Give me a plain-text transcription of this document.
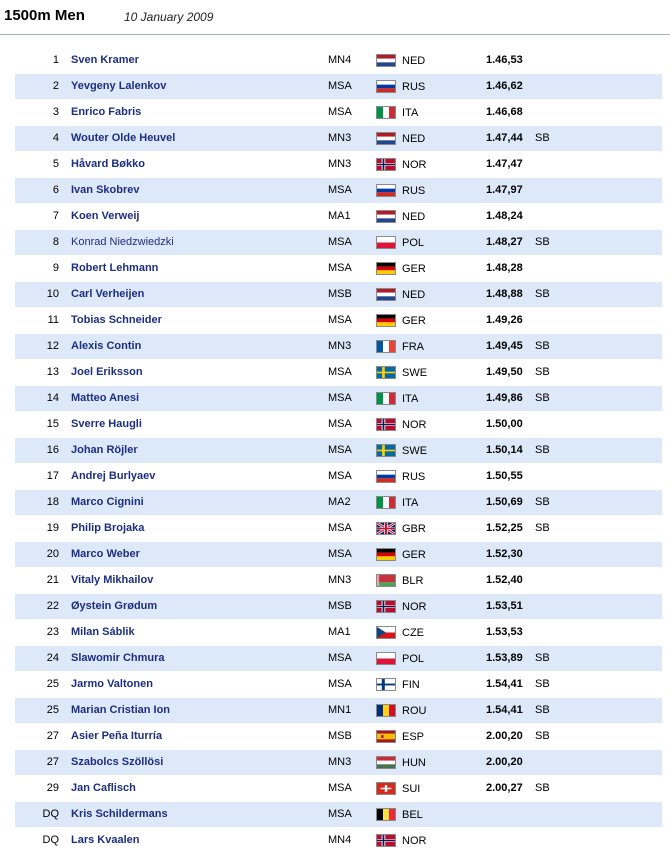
1500m Men	10 January 2009
1 Sven Kramer	MN4	NED	1.46,53
2 Yevgeny Lalenkov	MSA	RUS	1.46,62
3 Enrico Fabris	MSA	ITA	1.46,68
4 Wouter Olde Heuvel	MN3	NED	1.47,44 SB
5 Håvard Bøkko	MN3	NOR	1.47,47
6 Ivan Skobrev	MSA	RUS	1.47,97
7 Koen Verweij	MA1	NED	1.48,24
8 Konrad Niedzwiedzki	MSA	POL	1.48,27 SB
9 Robert Lehmann	MSA	GER	1.48,28
10 Carl Verheijen	MSB	NED	1.48,88 SB
11 Tobias Schneider	MSA	GER	1.49,26
12 Alexis Contin	MN3	FRA	1.49,45 SB
13 Joel Eriksson	MSA	SWE	1.49,50 SB
14 Matteo Anesi	MSA	ITA	1.49,86 SB
15 Sverre Haugli	MSA	NOR	1.50,00
16 Johan Röjler	MSA	SWE	1.50,14 SB
17 Andrej Burlyaev	MSA	RUS	1.50,55
18 Marco Cignini	MA2	ITA	1.50,69 SB
19 Philip Brojaka	MSA	GBR	1.52,25 SB
20 Marco Weber	MSA	GER	1.52,30
21 Vitaly Mikhailov	MN3	BLR	1.52,40
22 Øystein Grødum	MSB	NOR	1.53,51
23 Milan Sáblik	MA1	CZE	1.53,53
24 Slawomir Chmura	MSA	POL	1.53,89 SB
25 Jarmo Valtonen	MSA	FIN	1.54,41 SB
25 Marian Cristian Ion	MN1	ROU	1.54,41 SB
27 Asier Peña Iturría	MSB	ESP	2.00,20 SB
27 Szabolcs Szöllösi	MN3	HUN	2.00,20
29 Jan Caflisch	MSA	SUI	2.00,27 SB
DQ Kris Schildermans	MSA	BEL
DQ Lars Kvaalen	MN4	NOR
